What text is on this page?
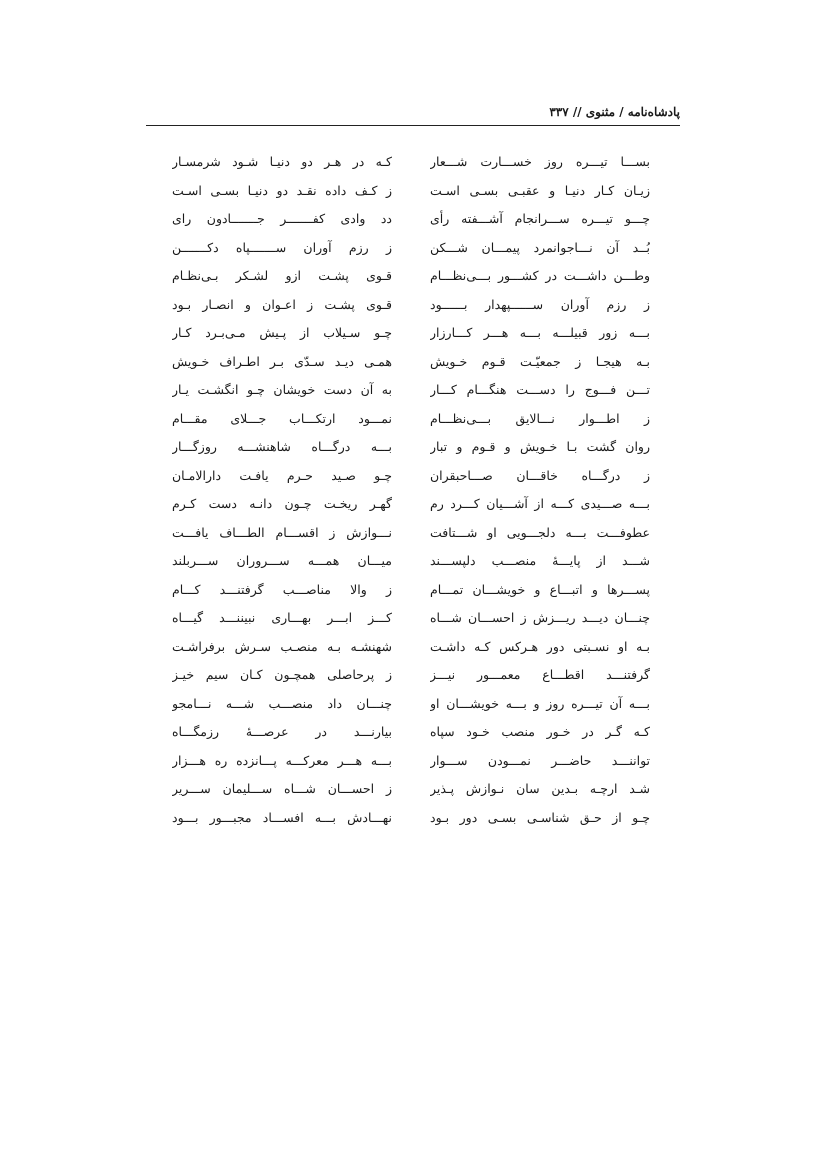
پادشاه‌نامه / مثنوی // ۳۳۷
بســـا تیـــره روز خســـارت شـــعار
زیـان کـار دنیـا و عقبـی بسـی اسـت
چـــو تیـــره ســـرانجام آشـــفته رأی
بُــد آن نـــاجوانمرد پیمـــان شـــکن
وطـــن داشـــت در کشـــور بـــی‌نظـــام
ز رزم آوران ســــــپهدار بــــــود
بـــه زور قبیلـــه بـــه هـــر کـــارزار
بـه هیجـا ز جمعیّـت قـوم خـویش
تـــن فـــوج را دســـت هنگـــام کـــار
ز اطـــوار نـــالایق بـــی‌نظـــام
روان گشت بـا خـویش و قـوم و تبار
ز درگـــاه خاقـــان صـــاحبقران
بـــه صـــیدی کـــه از آشـــیان کـــرد رم
عطوفـــت بـــه دلجـــویی او شـــتافت
شـــد از پایـــهٔ منصـــب دلپســـند
پســـرها و اتبـــاع و خویشـــان تمـــام
چنـــان دیـــد ریـــزش ز احســـان شـــاه
بـه او نسـبتی دور هـرکس کـه داشـت
گرفتنـــد اقطـــاع معمـــور نیـــز
بـــه آن تیـــره روز و بـــه خویشـــان او
کـه گـر در خـور منصب خـود سپاه
تواننـــد حاضـــر نمـــودن ســـوار
شـد ارچـه بـدین سان نـوازش پـذیر
چـو از حـق شناسـی بسـی دور بـود
کـه در هـر دو دنیـا شـود شرمسـار
ز کـف داده نقـد دو دنیـا بسـی اسـت
دد وادی کفـــــــر جـــــــادون رای
ز رزم آوران ســـــــپاه دکـــــــن
قـوی پشـت ازو لشـکر بـی‌نظـام
قـوی پشـت ز اعـوان و انصـار بـود
چـو سـیلاب از پـیش مـی‌بـرد کـار
همـی دیـد سـدّی بـر اطـراف خـویش
به آن دست خویشان چـو انگشـت یـار
نمـــود ارتکـــاب جـــلای مقـــام
بـــه درگـــاه شاهنشـــه روزگـــار
چـو صـید حـرم یافـت دارالامـان
گهـر ریخـت چـون دانـه دست کـرم
نـــوازش ز اقســـام الطـــاف یافـــت
میـــان همـــه ســـروران ســـربلند
ز والا مناصـــب گرفتنـــد کـــام
کـــز ابـــر بهـــاری نبیننـــد گیـــاه
شهنشـه بـه منصـب سـرش برفراشـت
ز پرحاصلی همچـون کـان سیم خیـز
چنـــان داد منصـــب شـــه نـــامجو
بیارنـــد در عرصـــهٔ رزمگـــاه
بـــه هـــر معرکـــه پـــانزده ره هـــزار
ز احســـان شـــاه ســـلیمان ســـریر
نهـــادش بـــه افســـاد مجبـــور بـــود
